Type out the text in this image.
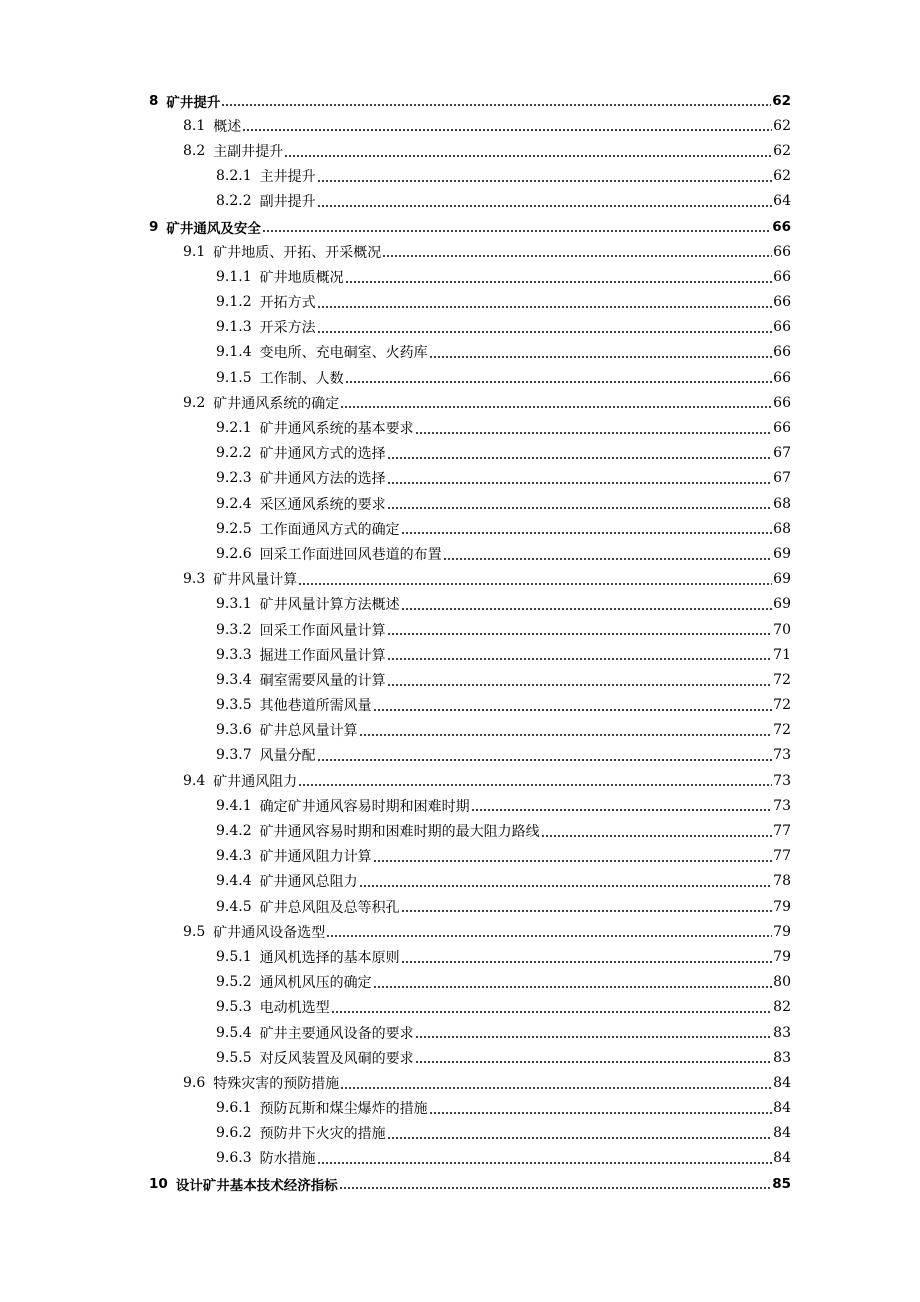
8 矿井提升	62
8.1 概述	62
8.2 主副井提升	62
8.2.1 主井提升	62
8.2.2 副井提升	64
9 矿井通风及安全	66
9.1 矿井地质、开拓、开采概况	66
9.1.1 矿井地质概况	66
9.1.2 开拓方式	66
9.1.3 开采方法	66
9.1.4 变电所、充电硐室、火药库	66
9.1.5 工作制、人数	66
9.2 矿井通风系统的确定	66
9.2.1 矿井通风系统的基本要求	66
9.2.2 矿井通风方式的选择	67
9.2.3 矿井通风方法的选择	67
9.2.4 采区通风系统的要求	68
9.2.5 工作面通风方式的确定	68
9.2.6 回采工作面进回风巷道的布置	69
9.3 矿井风量计算	69
9.3.1 矿井风量计算方法概述	69
9.3.2 回采工作面风量计算	70
9.3.3 掘进工作面风量计算	71
9.3.4 硐室需要风量的计算	72
9.3.5 其他巷道所需风量	72
9.3.6 矿井总风量计算	72
9.3.7 风量分配	73
9.4 矿井通风阻力	73
9.4.1 确定矿井通风容易时期和困难时期	73
9.4.2 矿井通风容易时期和困难时期的最大阻力路线	77
9.4.3 矿井通风阻力计算	77
9.4.4 矿井通风总阻力	78
9.4.5 矿井总风阻及总等积孔	79
9.5 矿井通风设备选型	79
9.5.1 通风机选择的基本原则	79
9.5.2 通风机风压的确定	80
9.5.3 电动机选型	82
9.5.4 矿井主要通风设备的要求	83
9.5.5 对反风装置及风硐的要求	83
9.6 特殊灾害的预防措施	84
9.6.1 预防瓦斯和煤尘爆炸的措施	84
9.6.2 预防井下火灾的措施	84
9.6.3 防水措施	84
10 设计矿井基本技术经济指标	85
